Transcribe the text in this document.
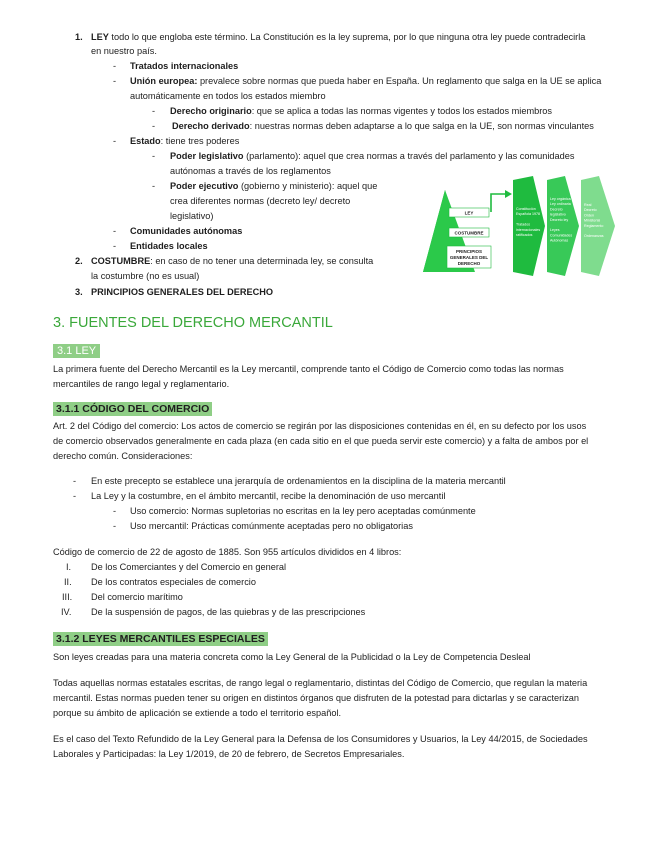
1. LEY todo lo que engloba este término. La Constitución es la ley suprema, por lo que ninguna otra ley puede contradecirla
en nuestro país.
- Tratados internacionales
- Unión europea: prevalece sobre normas que pueda haber en España. Un reglamento que salga en la UE se aplica
automáticamente en todos los estados miembro
- Derecho originario: que se aplica a todas las normas vigentes y todos los estados miembros
- Derecho derivado: nuestras normas deben adaptarse a lo que salga en la UE, son normas vinculantes
- Estado: tiene tres poderes
- Poder legislativo (parlamento): aquel que crea normas a través del parlamento y las comunidades
autónomas a través de los reglamentos
- Poder ejecutivo (gobierno y ministerio): aquel que
crea diferentes normas (decreto ley/ decreto
legislativo)
- Comunidades autónomas
- Entidades locales
2. COSTUMBRE: en caso de no tener una determinada ley, se consulta
la costumbre (no es usual)
3. PRINCIPIOS GENERALES DEL DERECHO
LEY
COSTUMBRE
PRINCIPIOS
GENERALES DEL
DERECHO
Constitución
Española 1978
Tratados
internacionales
ratificados
Ley orgánica
Ley ordinaria
Decreto
legislativo
Decreto ley
Leyes
Comunidades
Autónomas
Real
Decreto
Orden
Ministerial
Reglamento
Ordenanzas
3. FUENTES DEL DERECHO MERCANTIL
3.1 LEY
La primera fuente del Derecho Mercantil es la Ley mercantil, comprende tanto el Código de Comercio como todas las normas
mercantiles de rango legal y reglamentario.
3.1.1 CÓDIGO DEL COMERCIO
Art. 2 del Código del comercio: Los actos de comercio se regirán por las disposiciones contenidas en él, en su defecto por los usos
de comercio observados generalmente en cada plaza (en cada sitio en el que pueda servir este comercio) y a falta de ambos por el
derecho común. Consideraciones:
- En este precepto se establece una jerarquía de ordenamientos en la disciplina de la materia mercantil
- La Ley y la costumbre, en el ámbito mercantil, recibe la denominación de uso mercantil
- Uso comercio: Normas supletorias no escritas en la ley pero aceptadas comúnmente
- Uso mercantil: Prácticas comúnmente aceptadas pero no obligatorias
Código de comercio de 22 de agosto de 1885. Son 955 artículos divididos en 4 libros:
I. De los Comerciantes y del Comercio en general
II. De los contratos especiales de comercio
III. Del comercio marítimo
IV. De la suspensión de pagos, de las quiebras y de las prescripciones
3.1.2 LEYES MERCANTILES ESPECIALES
Son leyes creadas para una materia concreta como la Ley General de la Publicidad o la Ley de Competencia Desleal
Todas aquellas normas estatales escritas, de rango legal o reglamentario, distintas del Código de Comercio, que regulan la materia
mercantil. Estas normas pueden tener su origen en distintos órganos que disfruten de la potestad para dictarlas y se caracterizan
porque su ámbito de aplicación se extiende a todo el territorio español.
Es el caso del Texto Refundido de la Ley General para la Defensa de los Consumidores y Usuarios, la Ley 44/2015, de Sociedades
Laborales y Participadas: la Ley 1/2019, de 20 de febrero, de Secretos Empresariales.
